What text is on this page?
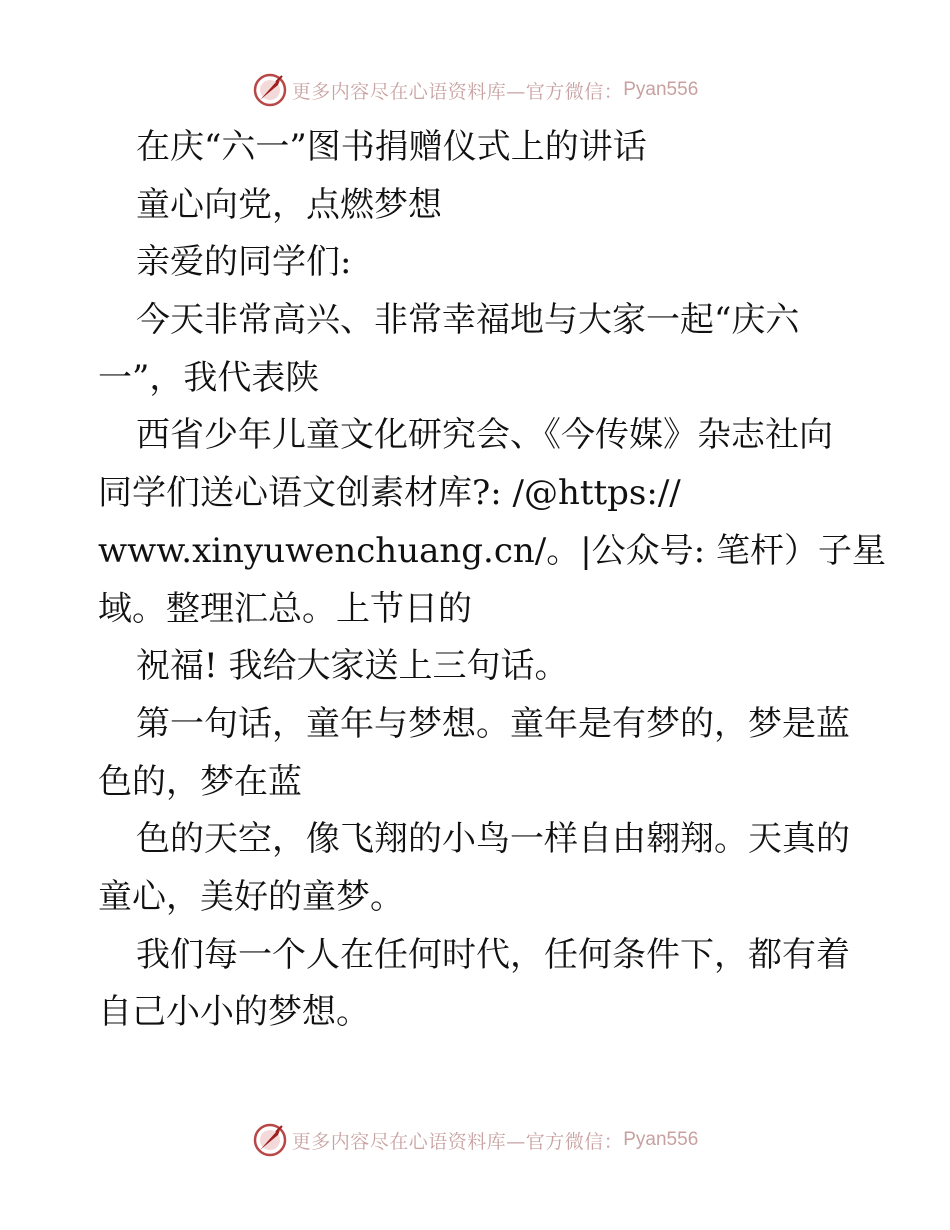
更多内容尽在心语资料库—官方微信： Pyan556
在庆“六一”图书捐赠仪式上的讲话
童心向党，点燃梦想
亲爱的同学们:
今天非常高兴、非常幸福地与大家一起“庆六
一”，我代表陕
西省少年儿童文化研究会、《今传媒》杂志社向
同学们送心语文创素材库?: /@https://
www.xinyuwenchuang.cn/。|公众号: 笔杆）子星
域。整理汇总。上节日的
祝福! 我给大家送上三句话。
第一句话，童年与梦想。童年是有梦的，梦是蓝
色的，梦在蓝
色的天空，像飞翔的小鸟一样自由翱翔。天真的
童心，美好的童梦。
我们每一个人在任何时代，任何条件下，都有着
自己小小的梦想。
更多内容尽在心语资料库—官方微信： Pyan556
